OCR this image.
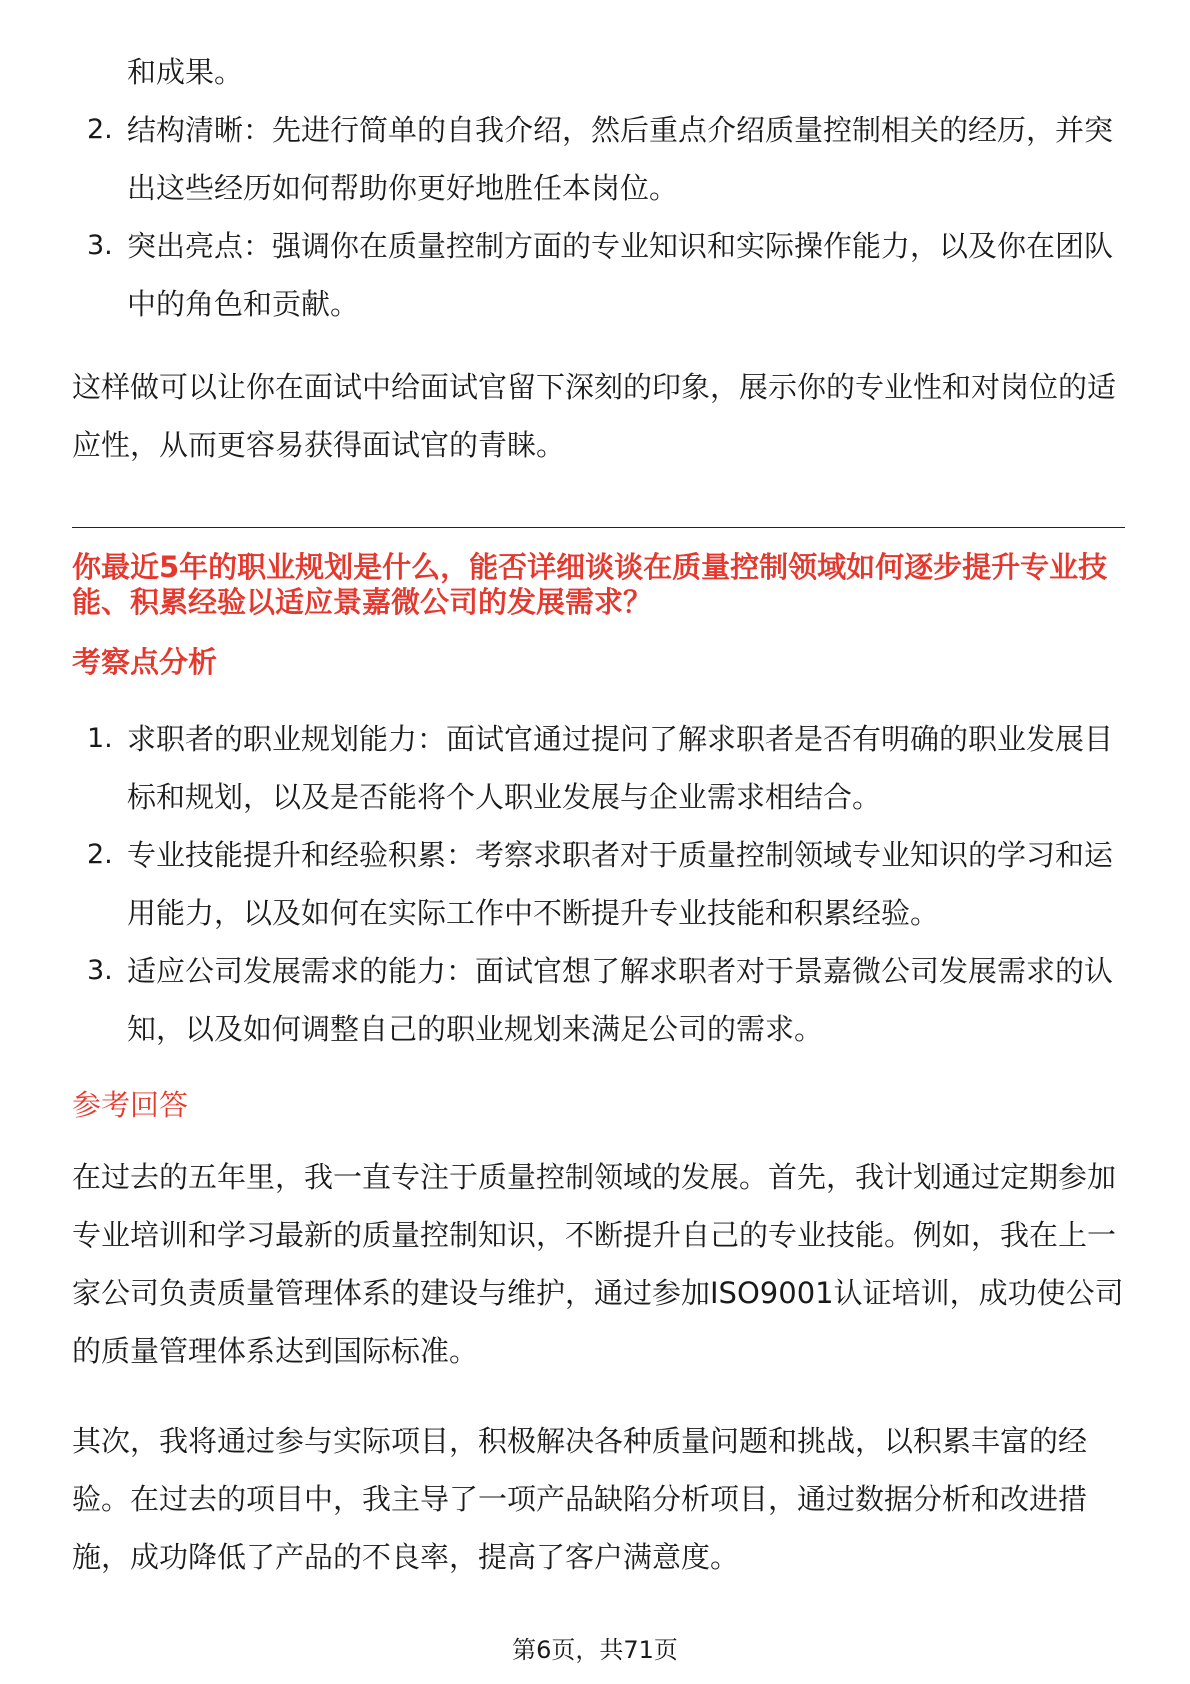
和成果。
2. 结构清晰：先进行简单的自我介绍，然后重点介绍质量控制相关的经历，并突
出这些经历如何帮助你更好地胜任本岗位。
3. 突出亮点：强调你在质量控制方面的专业知识和实际操作能力，以及你在团队
中的角色和贡献。
这样做可以让你在面试中给面试官留下深刻的印象，展示你的专业性和对岗位的适
应性，从而更容易获得面试官的青睐。
你最近5年的职业规划是什么，能否详细谈谈在质量控制领域如何逐步提升专业技
能、积累经验以适应景嘉微公司的发展需求？
考察点分析
1. 求职者的职业规划能力：面试官通过提问了解求职者是否有明确的职业发展目
标和规划，以及是否能将个人职业发展与企业需求相结合。
2. 专业技能提升和经验积累：考察求职者对于质量控制领域专业知识的学习和运
用能力，以及如何在实际工作中不断提升专业技能和积累经验。
3. 适应公司发展需求的能力：面试官想了解求职者对于景嘉微公司发展需求的认
知，以及如何调整自己的职业规划来满足公司的需求。
参考回答
在过去的五年里，我一直专注于质量控制领域的发展。首先，我计划通过定期参加
专业培训和学习最新的质量控制知识，不断提升自己的专业技能。例如，我在上一
家公司负责质量管理体系的建设与维护，通过参加ISO9001认证培训，成功使公司
的质量管理体系达到国际标准。
其次，我将通过参与实际项目，积极解决各种质量问题和挑战，以积累丰富的经
验。在过去的项目中，我主导了一项产品缺陷分析项目，通过数据分析和改进措
施，成功降低了产品的不良率，提高了客户满意度。
第6页，共71页
